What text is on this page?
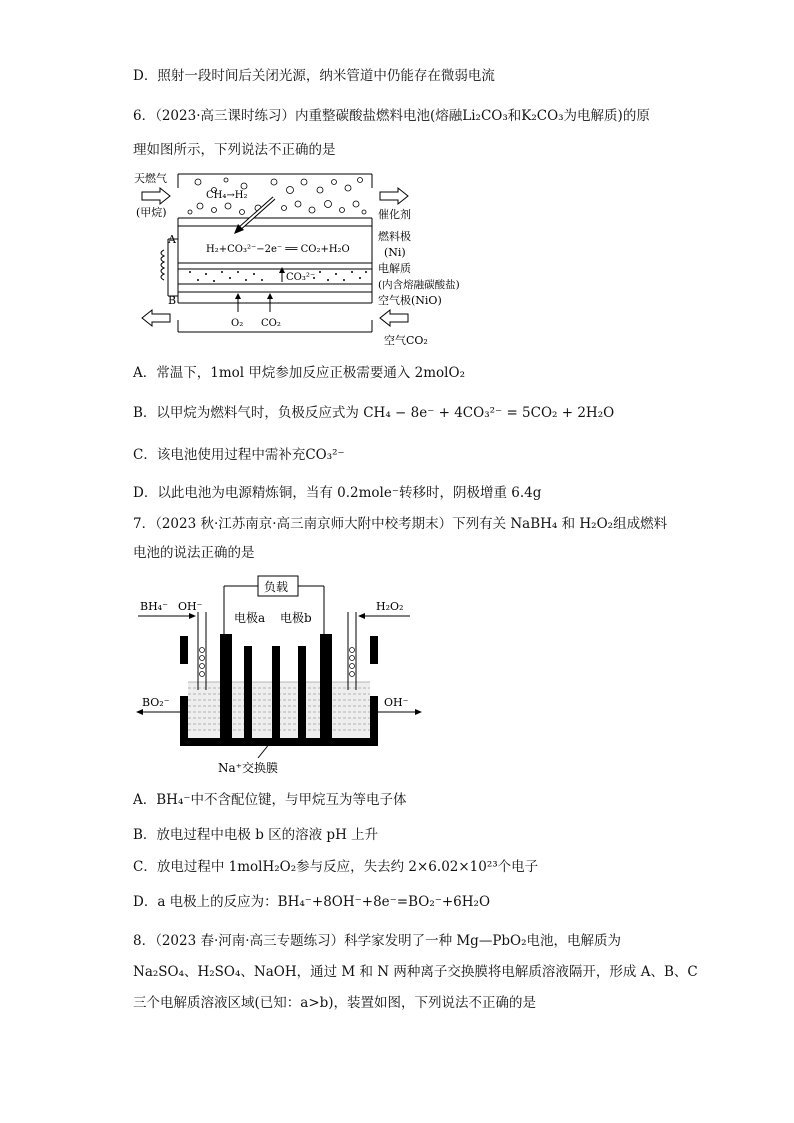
D．照射一段时间后关闭光源，纳米管道中仍能存在微弱电流
6．（2023·高三课时练习）内重整碳酸盐燃料电池(熔融Li₂CO₃和K₂CO₃为电解质)的原
理如图所示，下列说法不正确的是
天燃气
(甲烷)
CH₄→H₂
催化剂
H₂+CO₃²⁻−2e⁻ ══ CO₂+H₂O
燃料极
(Ni)
CO₃²⁻
电解质
(内含熔融碳酸盐)
空气极(NiO)
A
B
O₂ CO₂
空气CO₂
A．常温下，1mol 甲烷参加反应正极需要通入 2molO₂
B．以甲烷为燃料气时，负极反应式为 CH₄ − 8e⁻ + 4CO₃²⁻ = 5CO₂ + 2H₂O
C．该电池使用过程中需补充CO₃²⁻
D．以此电池为电源精炼铜，当有 0.2mole⁻转移时，阴极增重 6.4g
7．（2023 秋·江苏南京·高三南京师大附中校考期末）下列有关 NaBH₄ 和 H₂O₂组成燃料
电池的说法正确的是
负载
BH₄⁻ OH⁻
电极a 电极b
H₂O₂
BO₂⁻	OH⁻
Na⁺交换膜
A．BH₄⁻中不含配位键，与甲烷互为等电子体
B．放电过程中电极 b 区的溶液 pH 上升
C．放电过程中 1molH₂O₂参与反应，失去约 2×6.02×10²³个电子
D．a 电极上的反应为：BH₄⁻+8OH⁻+8e⁻=BO₂⁻+6H₂O
8．（2023 春·河南·高三专题练习）科学家发明了一种 Mg—PbO₂电池，电解质为
Na₂SO₄、H₂SO₄、NaOH，通过 M 和 N 两种离子交换膜将电解质溶液隔开，形成 A、B、C
三个电解质溶液区域(已知：a>b)，装置如图，下列说法不正确的是
